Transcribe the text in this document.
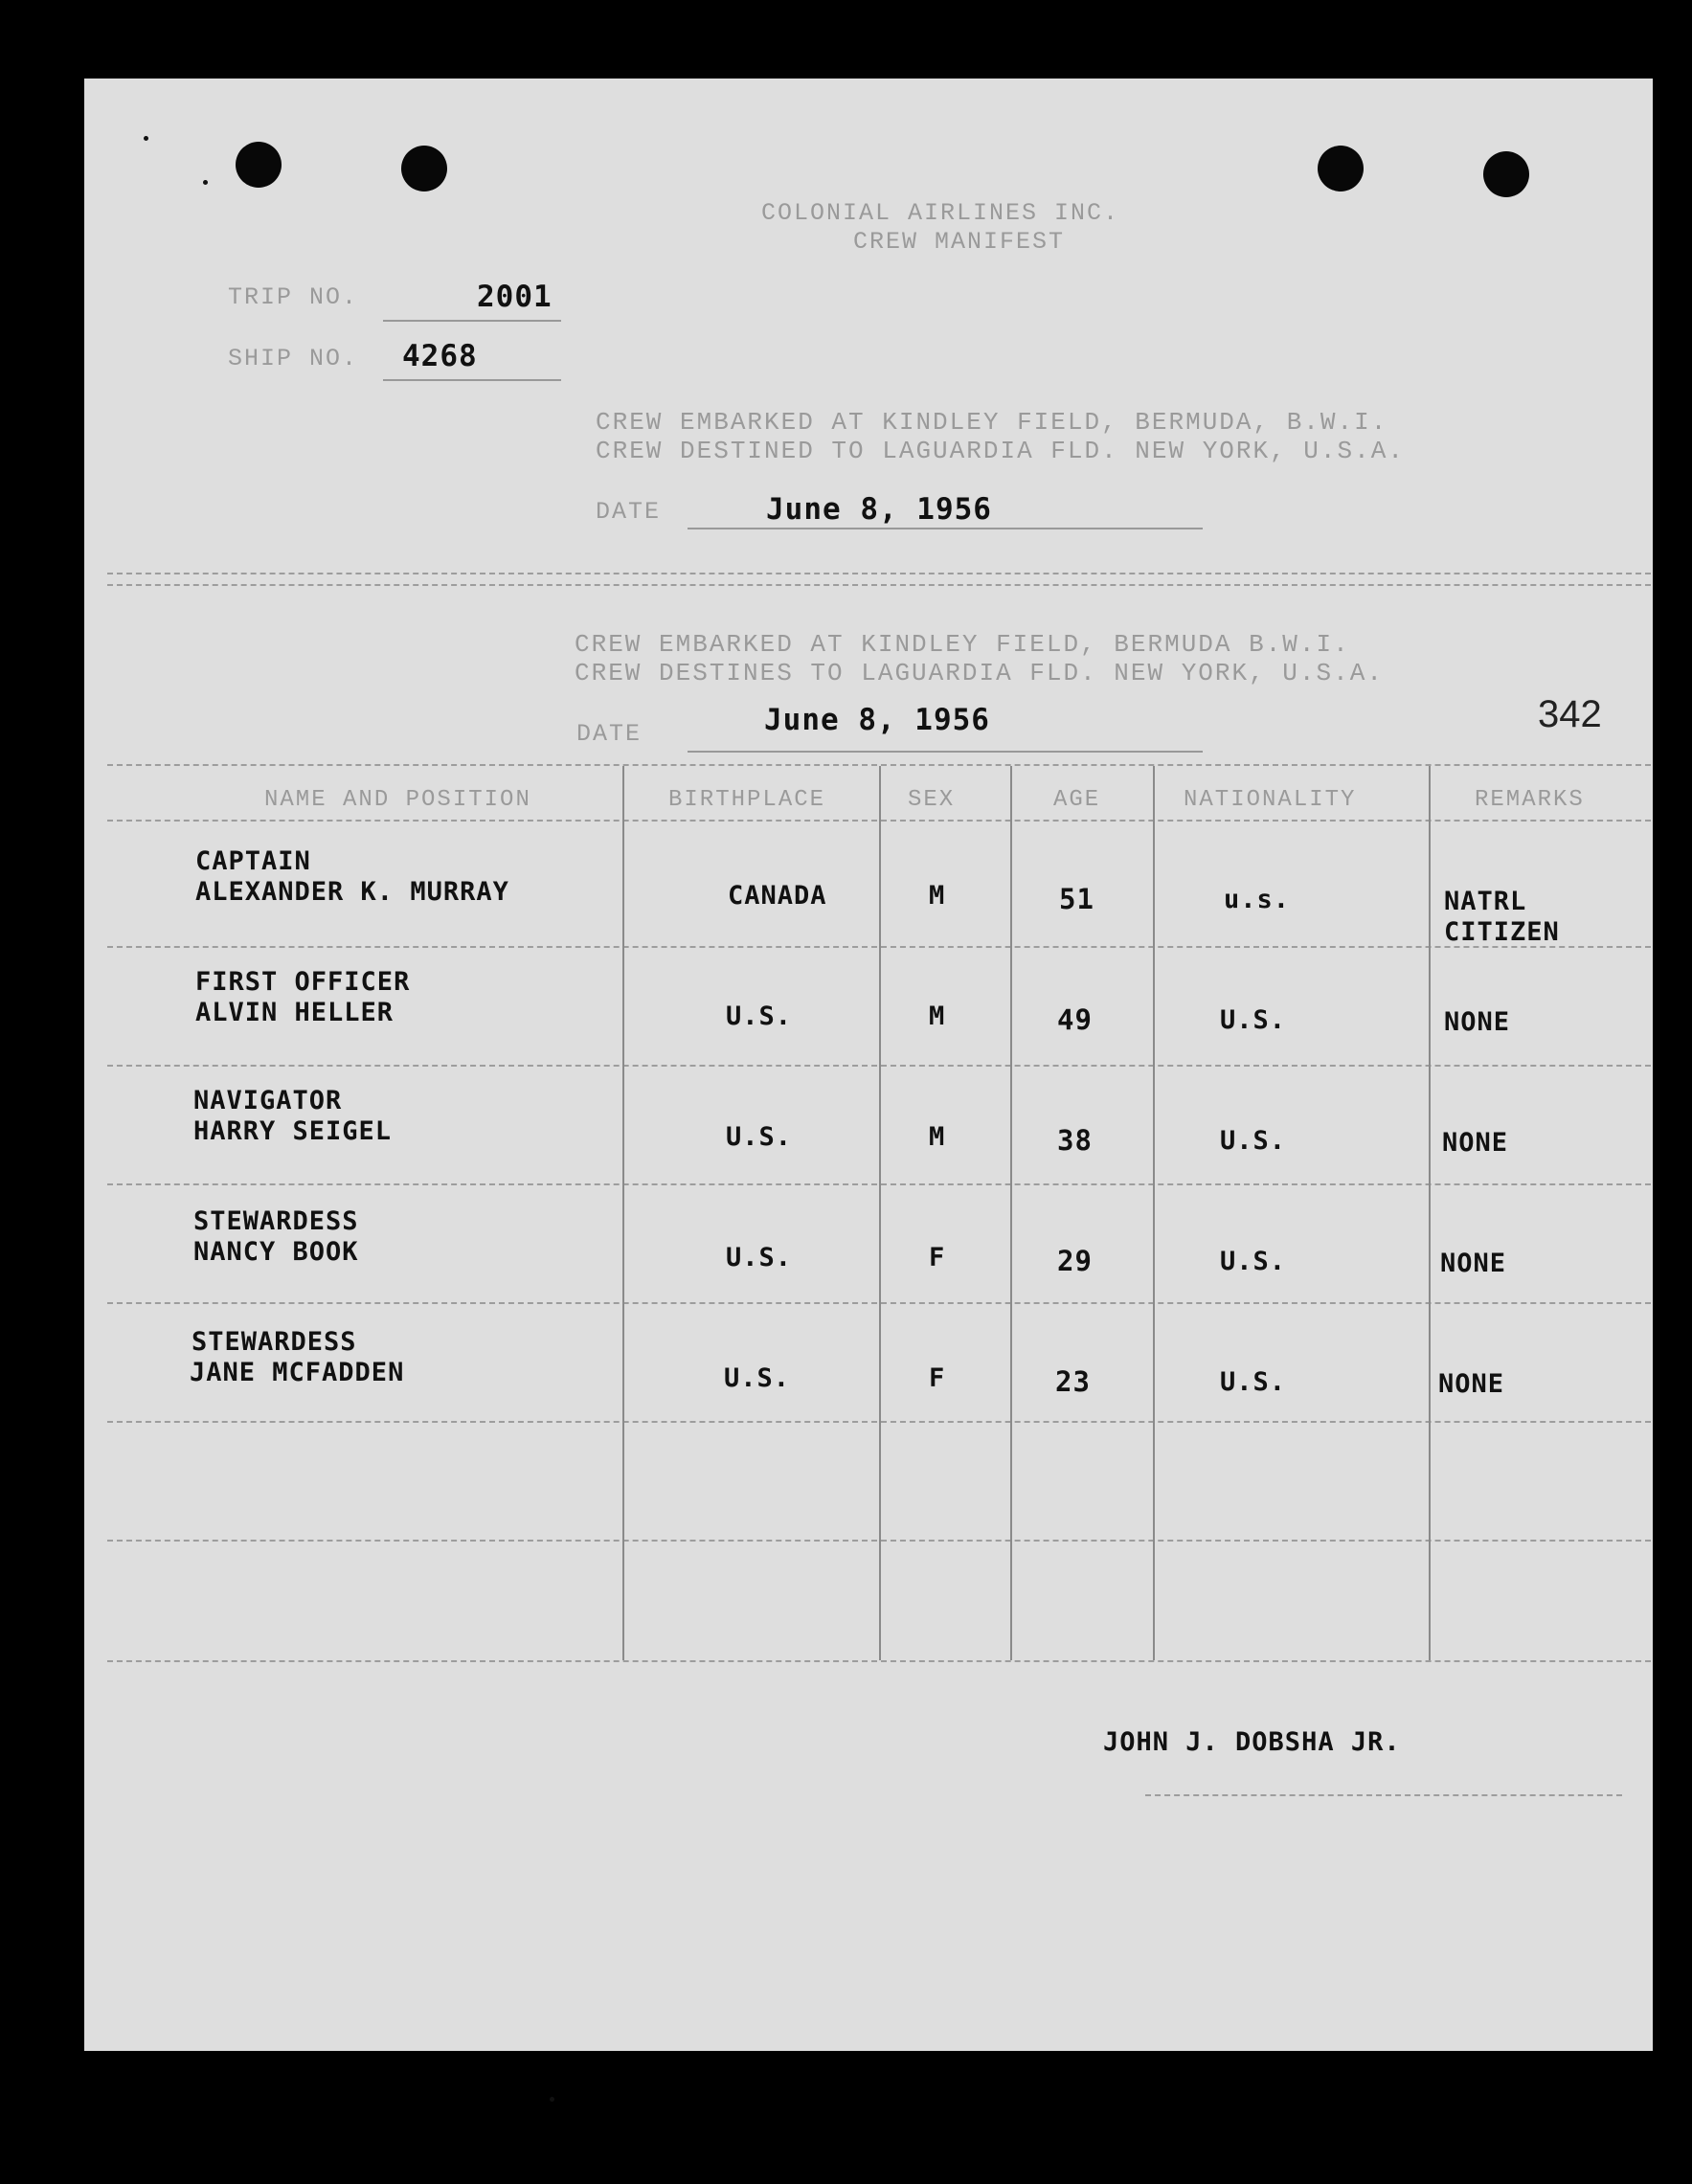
COLONIAL AIRLINES INC.
CREW MANIFEST
TRIP NO.	2001
SHIP NO. 4268
CREW EMBARKED AT KINDLEY FIELD, BERMUDA, B.W.I.
CREW DESTINED TO LAGUARDIA FLD. NEW YORK, U.S.A.
DATE	June 8, 1956
CREW EMBARKED AT KINDLEY FIELD, BERMUDA B.W.I.
CREW DESTINES TO LAGUARDIA FLD. NEW YORK, U.S.A.
DATE	June 8, 1956	342
NAME AND POSITION	BIRTHPLACE	SEX	AGE	NATIONALITY	REMARKS
CAPTAIN
ALEXANDER K. MURRAY	CANADA	M	51	u.s.	NATRL
CITIZEN
FIRST OFFICER
ALVIN HELLER	U.S.	M	49	U.S.	NONE
NAVIGATOR
HARRY SEIGEL	U.S.	M	38	U.S.	NONE
STEWARDESS
NANCY BOOK	U.S.	F	29	U.S.	NONE
STEWARDESS
JANE MCFADDEN	U.S.	F	23	U.S.	NONE
JOHN J. DOBSHA JR.
